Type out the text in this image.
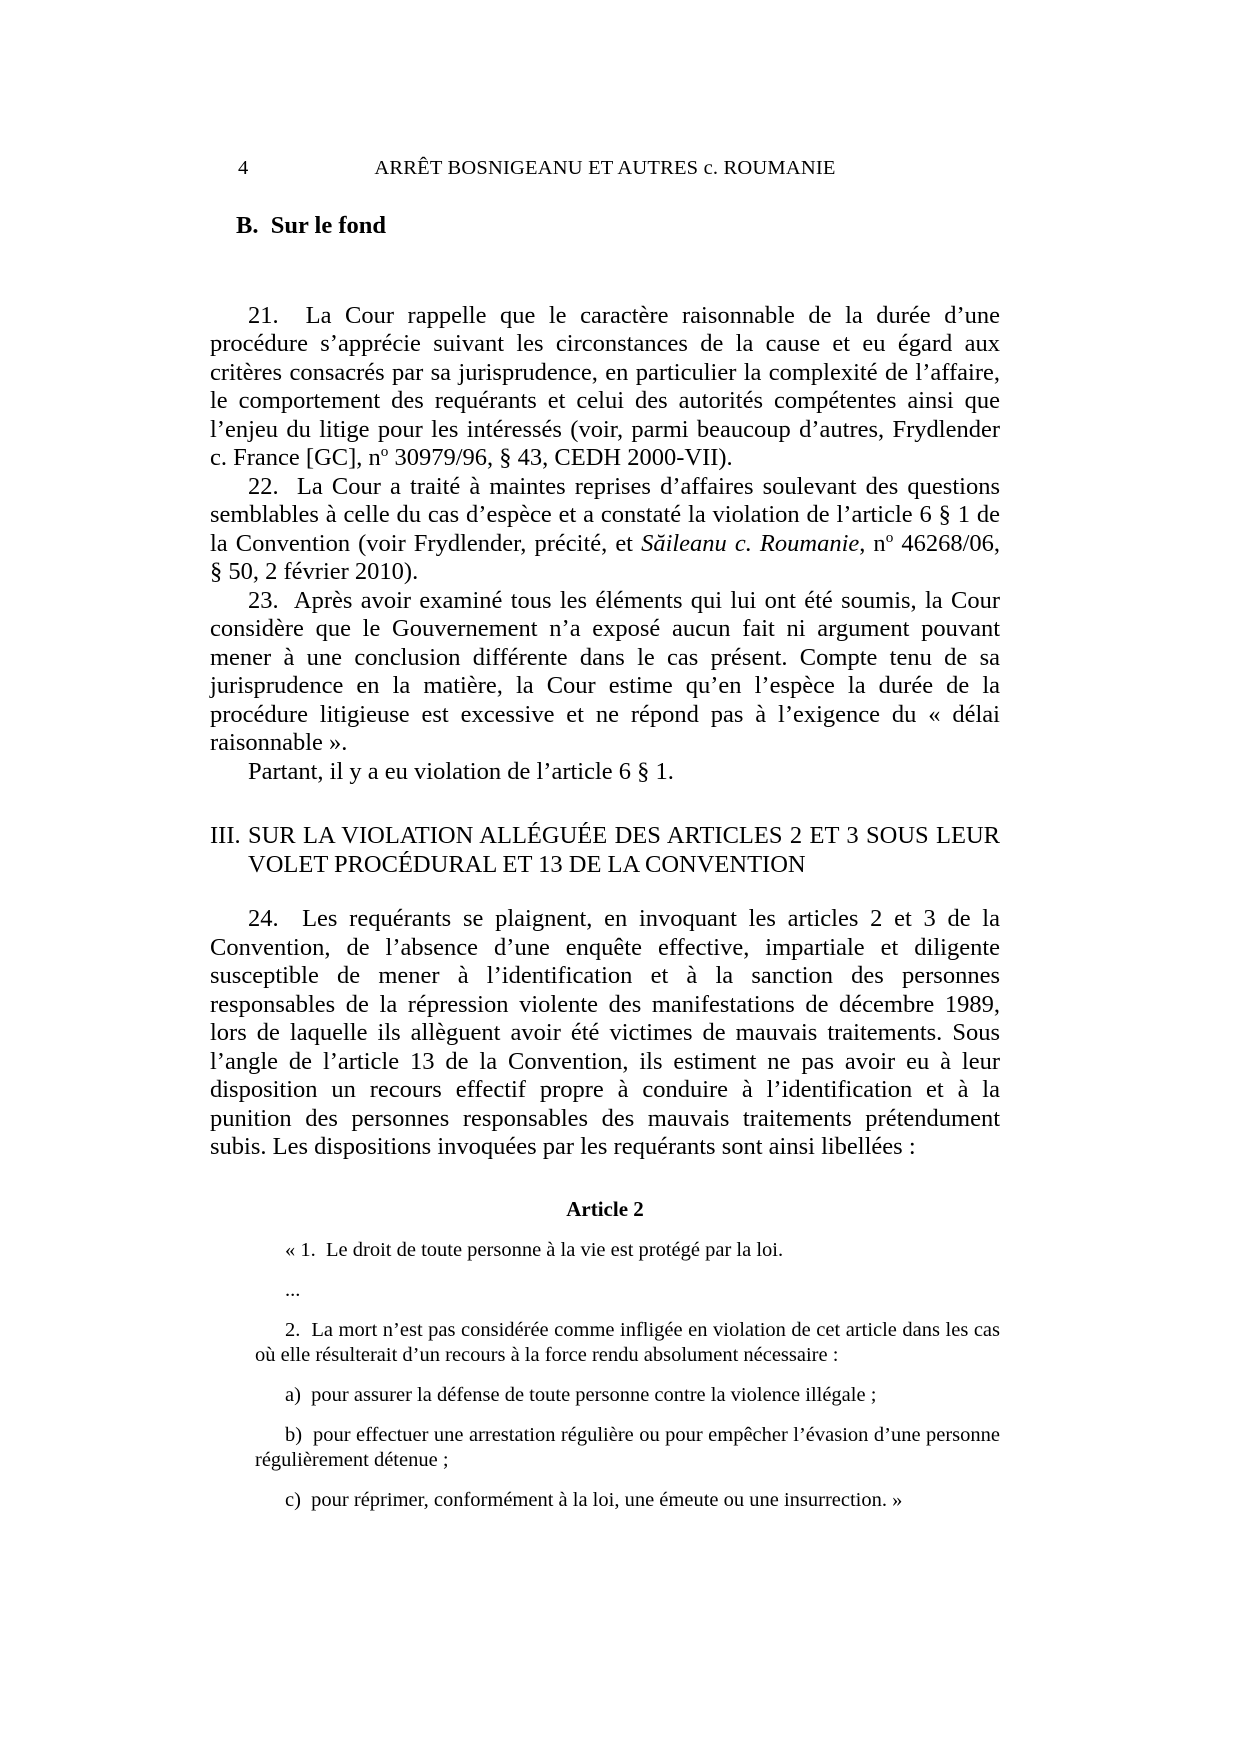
4	ARRÊT BOSNIGEANU ET AUTRES c. ROUMANIE
B.  Sur le fond

21.  La Cour rappelle que le caractère raisonnable de la durée d’une procédure s’apprécie suivant les circonstances de la cause et eu égard aux critères consacrés par sa jurisprudence, en particulier la complexité de l’affaire, le comportement des requérants et celui des autorités compétentes ainsi que l’enjeu du litige pour les intéressés (voir, parmi beaucoup d’autres, Frydlender c. France [GC], $n^o$ 30979/96, § 43, CEDH 2000-VII).

22.  La Cour a traité à maintes reprises d’affaires soulevant des questions semblables à celle du cas d’espèce et a constaté la violation de l’article 6 § 1 de la Convention (voir Frydlender, précité, et Săileanu c. Roumanie, $n^o$ 46268/06, § 50, 2 février 2010).

23.  Après avoir examiné tous les éléments qui lui ont été soumis, la Cour considère que le Gouvernement n’a exposé aucun fait ni argument pouvant mener à une conclusion différente dans le cas présent. Compte tenu de sa jurisprudence en la matière, la Cour estime qu’en l’espèce la durée de la procédure litigieuse est excessive et ne répond pas à l’exigence du « délai raisonnable ».

Partant, il y a eu violation de l’article 6 § 1.

III. SUR LA VIOLATION ALLÉGUÉE DES ARTICLES 2 ET 3 SOUS LEUR VOLET PROCÉDURAL ET 13 DE LA CONVENTION

24.  Les requérants se plaignent, en invoquant les articles 2 et 3 de la Convention, de l’absence d’une enquête effective, impartiale et diligente susceptible de mener à l’identification et à la sanction des personnes responsables de la répression violente des manifestations de décembre 1989, lors de laquelle ils allèguent avoir été victimes de mauvais traitements. Sous l’angle de l’article 13 de la Convention, ils estiment ne pas avoir eu à leur disposition un recours effectif propre à conduire à l’identification et à la punition des personnes responsables des mauvais traitements prétendument subis. Les dispositions invoquées par les requérants sont ainsi libellées :

Article 2

« 1.  Le droit de toute personne à la vie est protégé par la loi.

...

2.  La mort n’est pas considérée comme infligée en violation de cet article dans les cas où elle résulterait d’un recours à la force rendu absolument nécessaire :

a)  pour assurer la défense de toute personne contre la violence illégale ;

b)  pour effectuer une arrestation régulière ou pour empêcher l’évasion d’une personne régulièrement détenue ;

c)  pour réprimer, conformément à la loi, une émeute ou une insurrection. »
